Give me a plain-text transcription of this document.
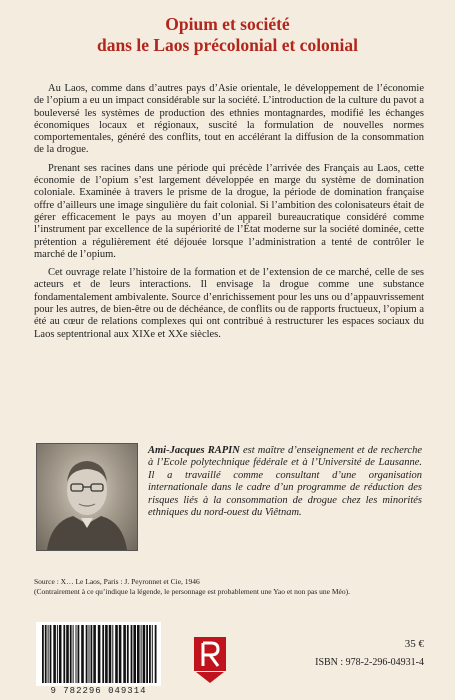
Opium et société
dans le Laos précolonial et colonial

Au Laos, comme dans d’autres pays d’Asie orientale, le développement de l’économie de l’opium a eu un impact considérable sur la société. L’introduction de la culture du pavot a bouleversé les systèmes de production des ethnies montagnardes, modifié les échanges économiques locaux et régionaux, suscité la formulation de nouvelles normes comportementales, généré des conflits, tout en accélérant la diffusion de la consommation de la drogue.

Prenant ses racines dans une période qui précède l’arrivée des Français au Laos, cette économie de l’opium s’est largement développée en marge du système de domination coloniale. Examinée à travers le prisme de la drogue, la période de domination française offre d’ailleurs une image singulière du fait colonial. Si l’ambition des colonisateurs était de gérer efficacement le pays au moyen d’un appareil bureaucratique considéré comme l’instrument par excellence de la supériorité de l’État moderne sur la société dominée, cette prétention a régulièrement été déjouée lorsque l’administration a tenté de contrôler le marché de l’opium.

Cet ouvrage relate l’histoire de la formation et de l’extension de ce marché, celle de ses acteurs et de leurs interactions. Il envisage la drogue comme une substance fondamentalement ambivalente. Source d’enrichissement pour les uns ou d’appauvrissement pour les autres, de bien-être ou de déchéance, de conflits ou de rapports fructueux, l’opium a été au cœur de relations complexes qui ont contribué à restructurer les espaces sociaux du Laos septentrional aux XIXe et XXe siècles.

Ami-Jacques RAPIN est maître d’enseignement et de recherche à l’Ecole polytechnique fédérale et à l’Université de Lausanne. Il a travaillé comme consultant d’une organisation internationale dans le cadre d’un programme de réduction des risques liés à la consommation de drogue chez les minorités ethniques du nord-ouest du Viêtnam.
Source : X… Le Laos, Paris : J. Peyronnet et Cie, 1946
(Contrairement à ce qu’indique la légende, le personnage est probablement une Yao et non pas une Méo).
9 782296 049314
35 €
ISBN : 978-2-296-04931-4
